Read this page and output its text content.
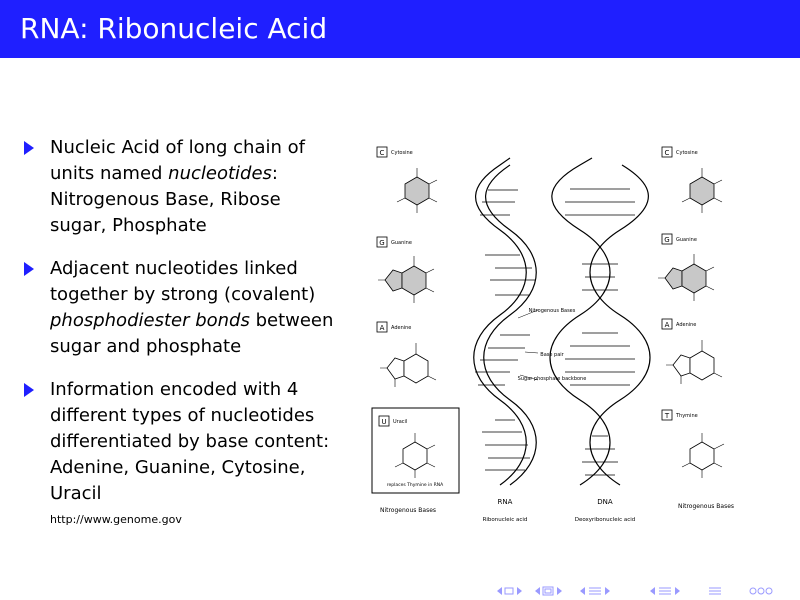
RNA: Ribonucleic Acid
Nucleic Acid of long chain of units named nucleotides: Nitrogenous Base, Ribose sugar, Phosphate
Adjacent nucleotides linked together by strong (covalent) phosphodiester bonds between sugar and phosphate
Information encoded with 4 different types of nucleotides differentiated by base content: Adenine, Guanine, Cytosine, Uracil
http://www.genome.gov
C Cytosine
G Guanine
A Adenine
U Uracil
replaces Thymine in RNA
Nitrogenous Bases
Nitrogenous Bases
Base pair
Sugar phosphate backbone
RNA
Ribonucleic acid
DNA
Deoxyribonucleic acid
C Cytosine
G Guanine
A Adenine
T Thymine
Nitrogenous Bases
